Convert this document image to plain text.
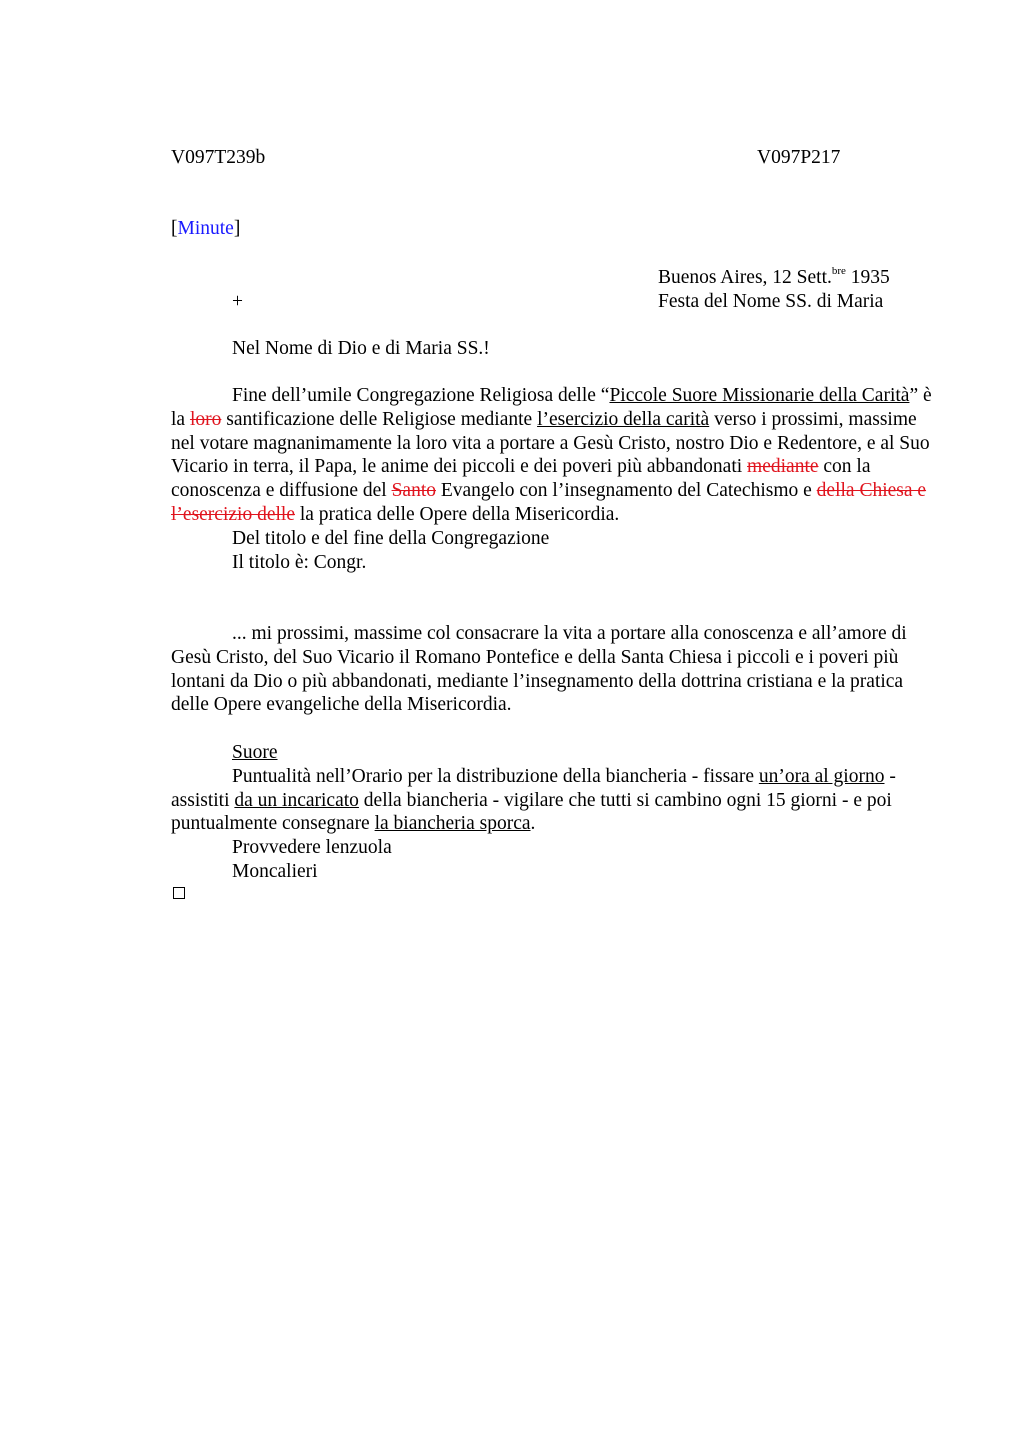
V097T239b	V097P217
[Minute]
Buenos Aires, 12 Sett.$^{bre}$ 1935
+	Festa del Nome SS. di Maria
Nel Nome di Dio e di Maria SS.!

Fine dell’umile Congregazione Religiosa delle “Piccole Suore Missionarie della Carità” è la loro santificazione delle Religiose mediante l’esercizio della carità verso i prossimi, massime nel votare magnanimamente la loro vita a portare a Gesù Cristo, nostro Dio e Redentore, e al Suo Vicario in terra, il Papa, le anime dei piccoli e dei poveri più abbandonati mediante con la conoscenza e diffusione del Santo Evangelo con l’insegnamento del Catechismo e della Chiesa e l’esercizio delle la pratica delle Opere della Misericordia.

Del titolo e del fine della Congregazione

Il titolo è: Congr.

... mi prossimi, massime col consacrare la vita a portare alla conoscenza e all’amore di Gesù Cristo, del Suo Vicario il Romano Pontefice e della Santa Chiesa i piccoli e i poveri più lontani da Dio o più abbandonati, mediante l’insegnamento della dottrina cristiana e la pratica delle Opere evangeliche della Misericordia.

Suore

Puntualità nell’Orario per la distribuzione della biancheria - fissare un’ora al giorno - assistiti da un incaricato della biancheria - vigilare che tutti si cambino ogni 15 giorni - e poi puntualmente consegnare la biancheria sporca.

Provvedere lenzuola

Moncalieri
